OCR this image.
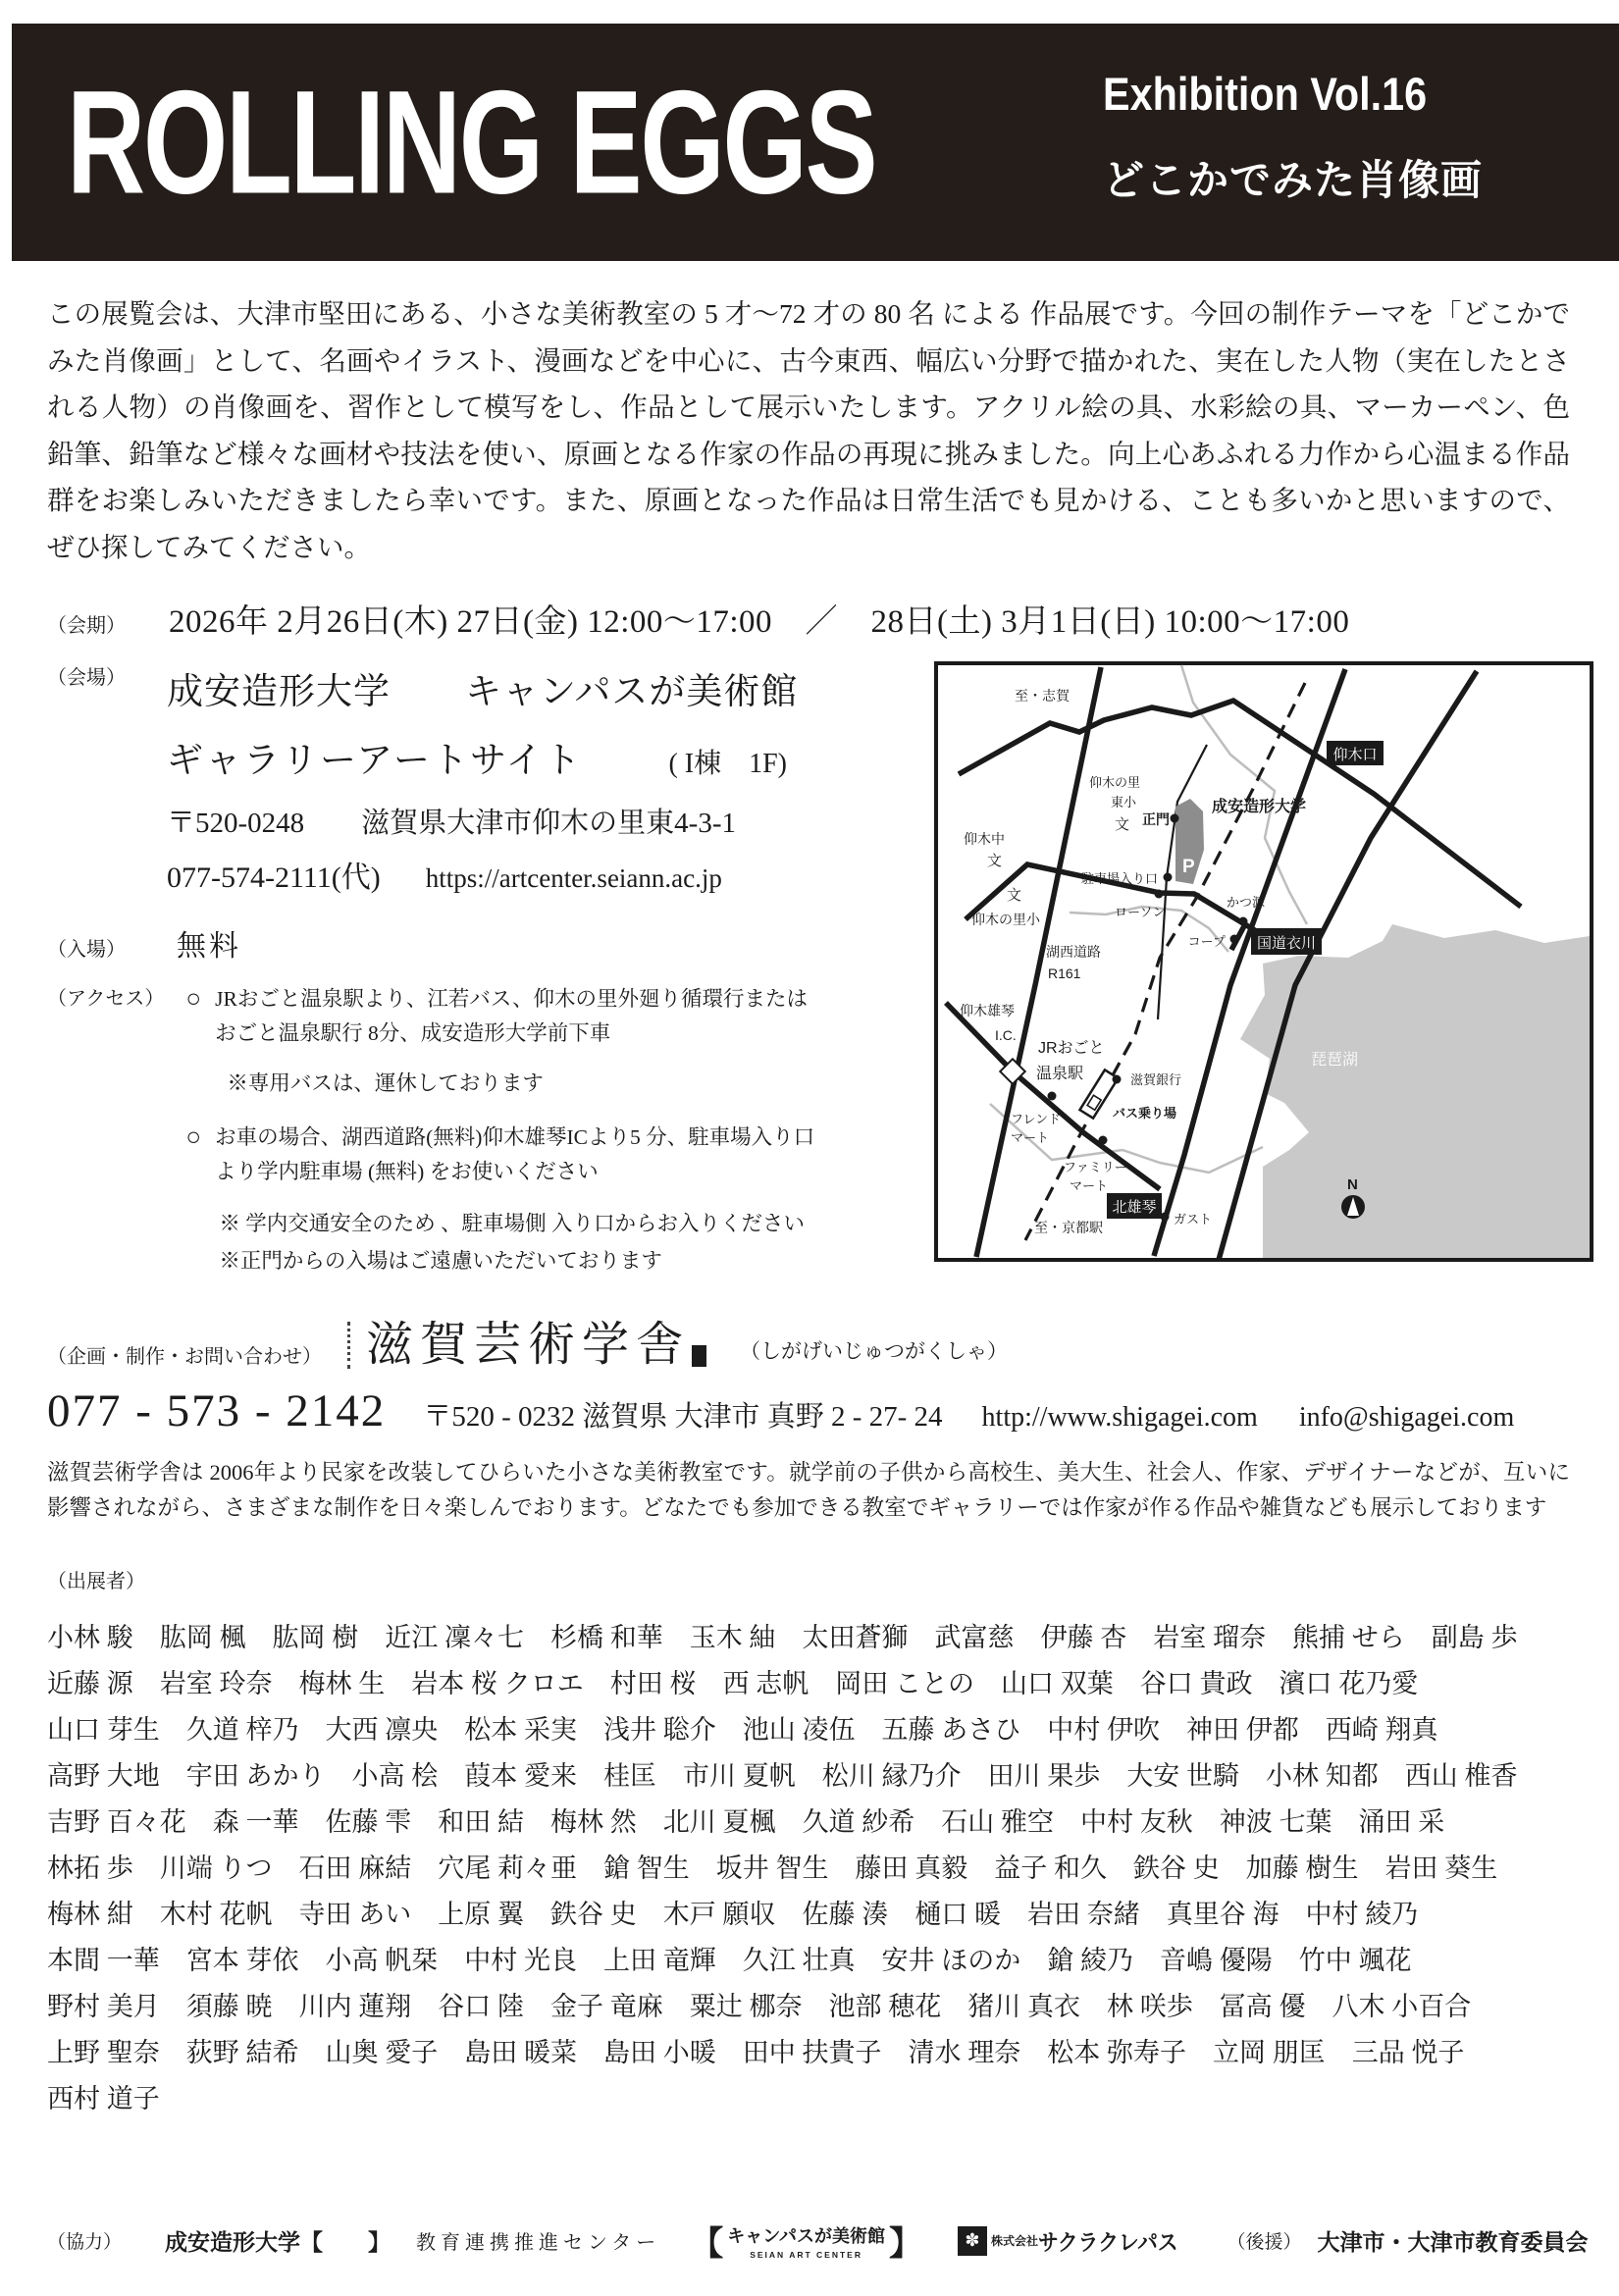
ROLLING EGGS	Exhibition Vol.16
どこかでみた肖像画
この展覧会は、大津市堅田にある、小さな美術教室の 5 才〜72 才の 80 名 による 作品展です。今回の制作テーマを「どこかでみた肖像画」として、名画やイラスト、漫画などを中心に、古今東西、幅広い分野で描かれた、実在した人物（実在したとされる人物）の肖像画を、習作として模写をし、作品として展示いたします。アクリル絵の具、水彩絵の具、マーカーペン、色鉛筆、鉛筆など様々な画材や技法を使い、原画となる作家の作品の再現に挑みました。向上心あふれる力作から心温まる作品群をお楽しみいただきましたら幸いです。また、原画となった作品は日常生活でも見かける、ことも多いかと思いますので、ぜひ探してみてください。
（会期） 2026年 2月26日(木) 27日(金) 12:00〜17:00　／　28日(土) 3月1日(日) 10:00〜17:00
（会場） 成安造形大学　　キャンパスが美術館
ギャラリーアートサイト	( I棟　1F)
〒520-0248　　滋賀県大津市仰木の里東4-3-1
077-574-2111(代) https://artcenter.seiann.ac.jp
（入場） 無料
（アクセス） ○ JRおごと温泉駅より、江若バス、仰木の里外廻り循環行または
おごと温泉駅行 8分、成安造形大学前下車
※専用バスは、運休しております
○ お車の場合、湖西道路(無料)仰木雄琴ICより5 分、駐車場入り口
より学内駐車場 (無料) をお使いください
※ 学内交通安全のため 、駐車場側 入り口からお入りください
※正門からの入場はご遠慮いただいております
至・志賀
仰木口
仰木の里
東小
文 正門
成安造形大学
P
仰木中
文
駐車場入り口
文
仰木の里小	ローソン
かつ源
コープ 国道衣川
湖西道路
R161
仰木雄琴
I.C.
JRおごと
温泉駅	滋賀銀行
バス乗り場
フレンド
マート
ファミリー
マート
北雄琴
ガスト
至・京都駅
琵琶湖
N
（企画・制作・お問い合わせ） 滋賀芸術学舎 （しがげいじゅつがくしゃ）
077 - 573 - 2142 〒520 - 0232 滋賀県 大津市 真野 2 - 27- 24 http://www.shigagei.com info@shigagei.com
滋賀芸術学舎は 2006年より民家を改装してひらいた小さな美術教室です。就学前の子供から高校生、美大生、社会人、作家、デザイナーなどが、互いに影響されながら、さまざまな制作を日々楽しんでおります。どなたでも参加できる教室でギャラリーでは作家が作る作品や雑貨なども展示しております
（出展者）
小林 駿 肱岡 楓 肱岡 樹 近江 凜々七 杉橋 和華 玉木 紬 太田蒼獅 武富慈 伊藤 杏 岩室 瑠奈 熊捕 せら 副島 歩近藤 源 岩室 玲奈 梅林 生 岩本 桜 クロエ 村田 桜 西 志帆 岡田 ことの 山口 双葉 谷口 貴政 濱口 花乃愛山口 芽生 久道 梓乃 大西 凛央 松本 采実 浅井 聡介 池山 凌伍 五藤 あさひ 中村 伊吹 神田 伊都 西崎 翔真高野 大地 宇田 あかり 小高 桧 葭本 愛来 桂匡 市川 夏帆 松川 縁乃介 田川 果歩 大安 世騎 小林 知都 西山 椎香吉野 百々花 森 一華 佐藤 雫 和田 結 梅林 然 北川 夏楓 久道 紗希 石山 雅空 中村 友秋 神波 七葉 涌田 采林拓 歩 川端 りつ 石田 麻結 穴尾 莉々亜 鎗 智生 坂井 智生 藤田 真毅 益子 和久 鉄谷 史 加藤 樹生 岩田 葵生梅林 紺 木村 花帆 寺田 あい 上原 翼 鉄谷 史 木戸 願収 佐藤 湊 樋口 暖 岩田 奈緒 真里谷 海 中村 綾乃本間 一華 宮本 芽依 小高 帆栞 中村 光良 上田 竜輝 久江 壮真 安井 ほのか 鎗 綾乃 音嶋 優陽 竹中 颯花野村 美月 須藤 暁 川内 蓮翔 谷口 陸 金子 竜麻 粟辻 梛奈 池部 穂花 猪川 真衣 林 咲歩 冨高 優 八木 小百合上野 聖奈 荻野 結希 山奥 愛子 島田 暖菜 島田 小暖 田中 扶貴子 清水 理奈 松本 弥寿子 立岡 朋匡 三品 悦子西村 道子
（協力） 成安造形大学【　　】 教育連携推進センター 【 キャンパスが美術館
SEIAN ART CENTER 】	✽ 株式会社 サクラクレパス	（後援） 大津市・大津市教育委員会
